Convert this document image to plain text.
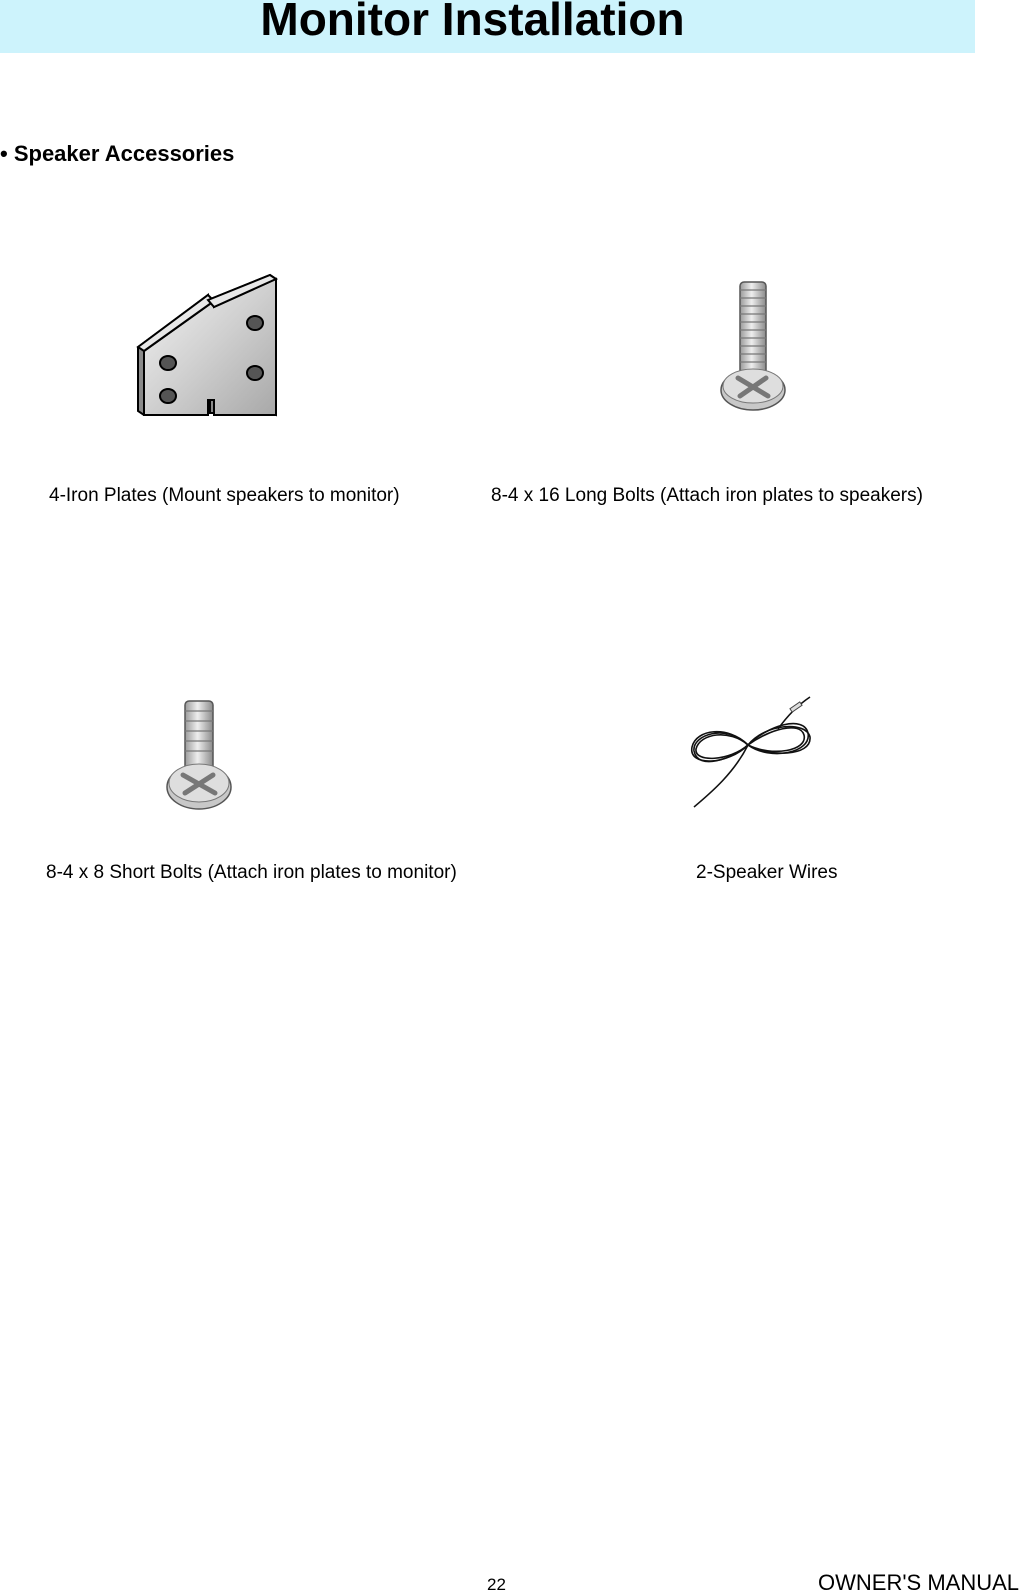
Monitor Installation
• Speaker Accessories
4-Iron Plates (Mount speakers to monitor)	8-4 x 16 Long Bolts (Attach iron plates to speakers)
8-4 x 8 Short Bolts (Attach iron plates to monitor)	2-Speaker Wires
22	OWNER'S MANUAL
